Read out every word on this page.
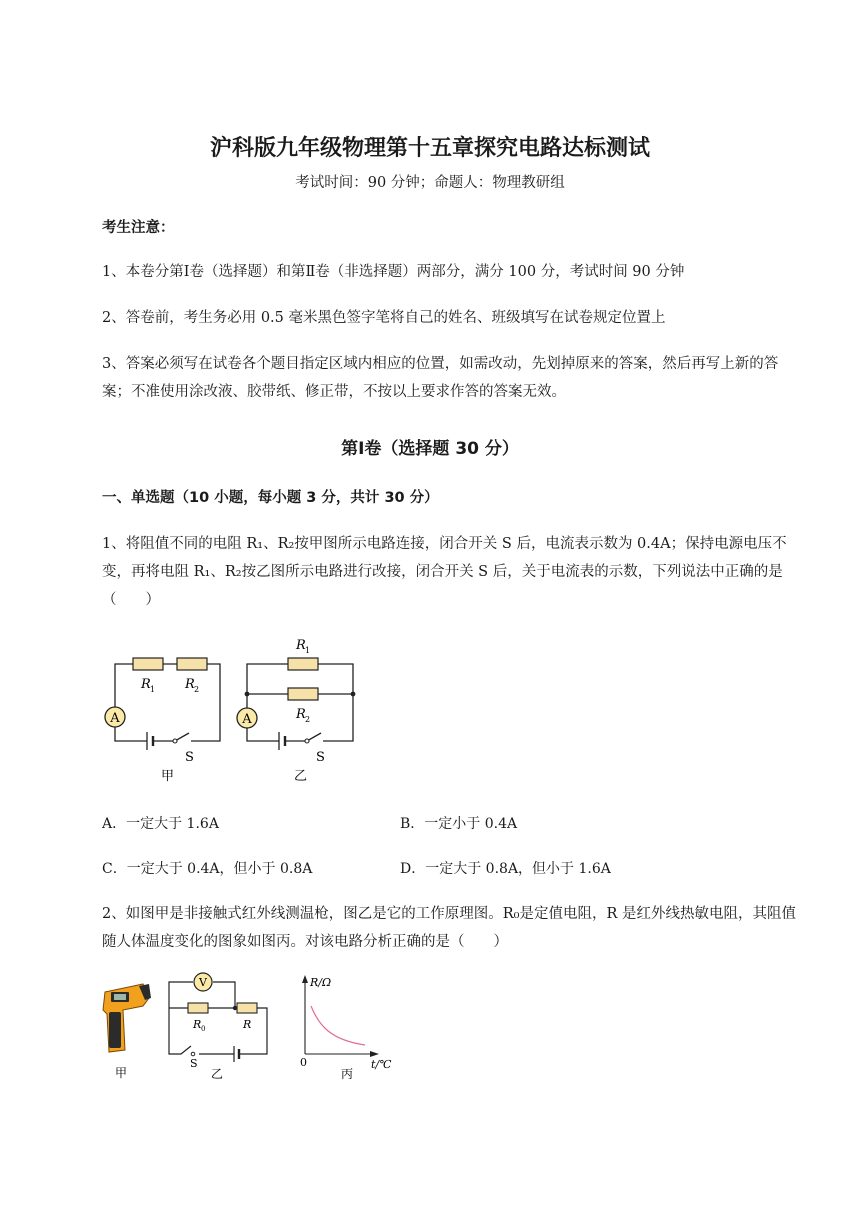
沪科版九年级物理第十五章探究电路达标测试
考试时间：90 分钟；命题人：物理教研组
考生注意：
1、本卷分第Ⅰ卷（选择题）和第Ⅱ卷（非选择题）两部分，满分 100 分，考试时间 90 分钟
2、答卷前，考生务必用 0.5 毫米黑色签字笔将自己的姓名、班级填写在试卷规定位置上
3、答案必须写在试卷各个题目指定区域内相应的位置，如需改动，先划掉原来的答案，然后再写上新的答案；不准使用涂改液、胶带纸、修正带，不按以上要求作答的答案无效。
第Ⅰ卷（选择题 30 分）
一、单选题（10 小题，每小题 3 分，共计 30 分）
1、将阻值不同的电阻 R₁、R₂按甲图所示电路连接，闭合开关 S 后，电流表示数为 0.4A；保持电源电压不变，再将电阻 R₁、R₂按乙图所示电路进行改接，闭合开关 S 后，关于电流表的示数，下列说法中正确的是（　　）
A	A
R 1 R 2
S
甲
R 1
R 2
S
乙
A．一定大于 1.6A	B．一定小于 0.4A
C．一定大于 0.4A，但小于 0.8A	D．一定大于 0.8A，但小于 1.6A
2、如图甲是非接触式红外线测温枪，图乙是它的工作原理图。R₀是定值电阻，R 是红外线热敏电阻，其阻值随人体温度变化的图象如图丙。对该电路分析正确的是（　　）
甲
V
R 0	R
S
乙
R/Ω
0	t/℃
丙
